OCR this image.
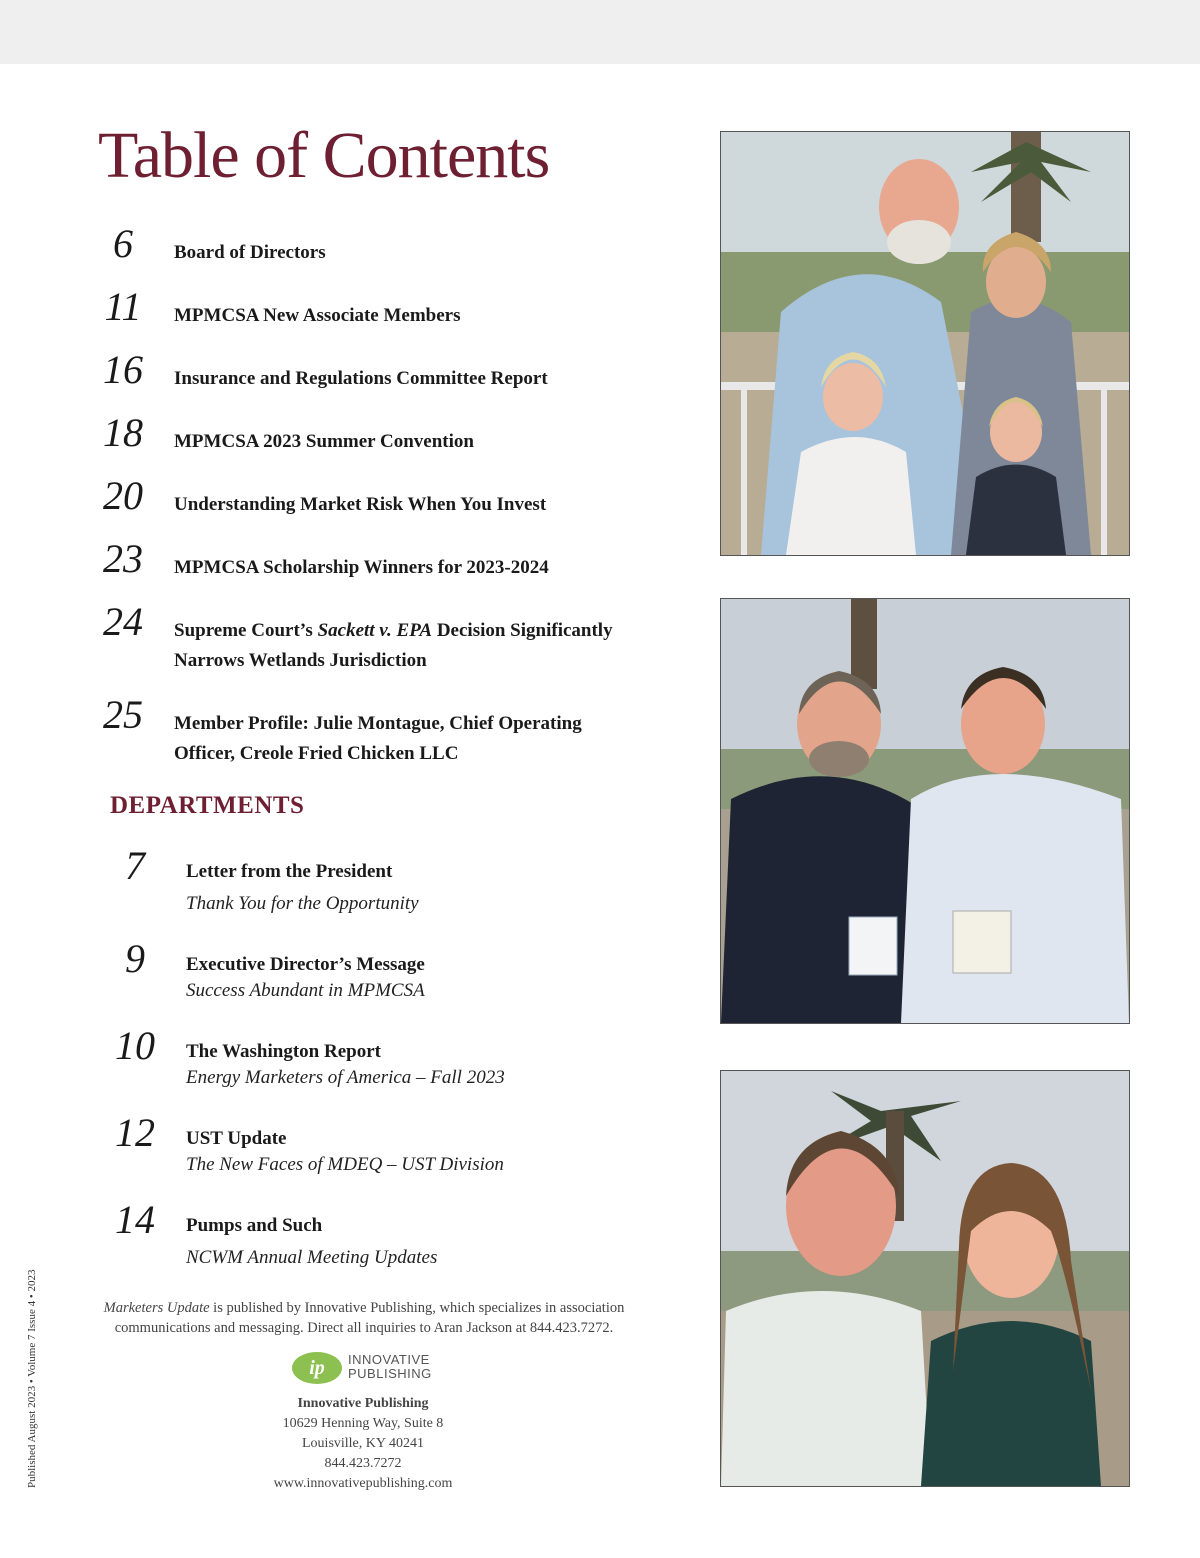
Table of Contents
6	Board of Directors
11	MPMCSA New Associate Members
16 Insurance and Regulations Committee Report
18 MPMCSA 2023 Summer Convention
20 Understanding Market Risk When You Invest
23 MPMCSA Scholarship Winners for 2023-2024
24 Supreme Court’s Sackett v. EPA Decision Significantly Narrows Wetlands Jurisdiction
25 Member Profile: Julie Montague, Chief Operating Officer, Creole Fried Chicken LLC
DEPARTMENTS
7	Letter from the President
Thank You for the Opportunity
9	Executive Director’s Message
Success Abundant in MPMCSA
10 The Washington Report
Energy Marketers of America – Fall 2023
12 UST Update
The New Faces of MDEQ – UST Division
14 Pumps and Such
NCWM Annual Meeting Updates
Marketers Update is published by Innovative Publishing, which specializes in association communications and messaging. Direct all inquiries to Aran Jackson at 844.423.7272.
ip	INNOVATIVE
PUBLISHING
Innovative Publishing
10629 Henning Way, Suite 8
Louisville, KY 40241
844.423.7272
www.innovativepublishing.com
Published August 2023 • Volume 7 Issue 4 • 2023
